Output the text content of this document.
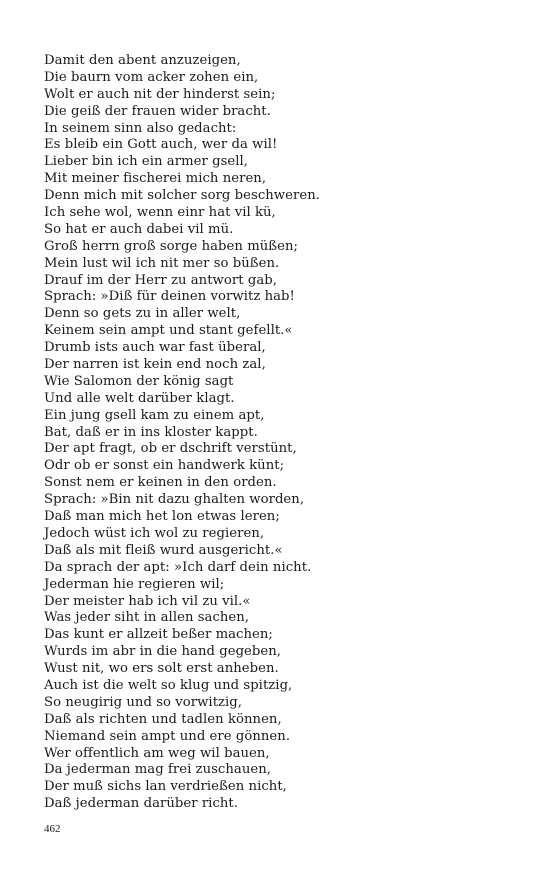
Damit den abent anzuzeigen,
Die baurn vom acker zohen ein,
Wolt er auch nit der hinderst sein;
Die geiß der frauen wider bracht.
In seinem sinn also gedacht:
Es bleib ein Gott auch, wer da wil!
Lieber bin ich ein armer gsell,
Mit meiner fischerei mich neren,
Denn mich mit solcher sorg beschweren.
Ich sehe wol, wenn einr hat vil kü,
So hat er auch dabei vil mü.
Groß herrn groß sorge haben müßen;
Mein lust wil ich nit mer so büßen.
Drauf im der Herr zu antwort gab,
Sprach: »Diß für deinen vorwitz hab!
Denn so gets zu in aller welt,
Keinem sein ampt und stant gefellt.«
Drumb ists auch war fast überal,
Der narren ist kein end noch zal,
Wie Salomon der könig sagt
Und alle welt darüber klagt.
Ein jung gsell kam zu einem apt,
Bat, daß er in ins kloster kappt.
Der apt fragt, ob er dschrift verstünt,
Odr ob er sonst ein handwerk künt;
Sonst nem er keinen in den orden.
Sprach: »Bin nit dazu ghalten worden,
Daß man mich het lon etwas leren;
Jedoch wüst ich wol zu regieren,
Daß als mit fleiß wurd ausgericht.«
Da sprach der apt: »Ich darf dein nicht.
Jederman hie regieren wil;
Der meister hab ich vil zu vil.«
Was jeder siht in allen sachen,
Das kunt er allzeit beßer machen;
Wurds im abr in die hand gegeben,
Wust nit, wo ers solt erst anheben.
Auch ist die welt so klug und spitzig,
So neugirig und so vorwitzig,
Daß als richten und tadlen können,
Niemand sein ampt und ere gönnen.
Wer offentlich am weg wil bauen,
Da jederman mag frei zuschauen,
Der muß sichs lan verdrießen nicht,
Daß jederman darüber richt.
462
